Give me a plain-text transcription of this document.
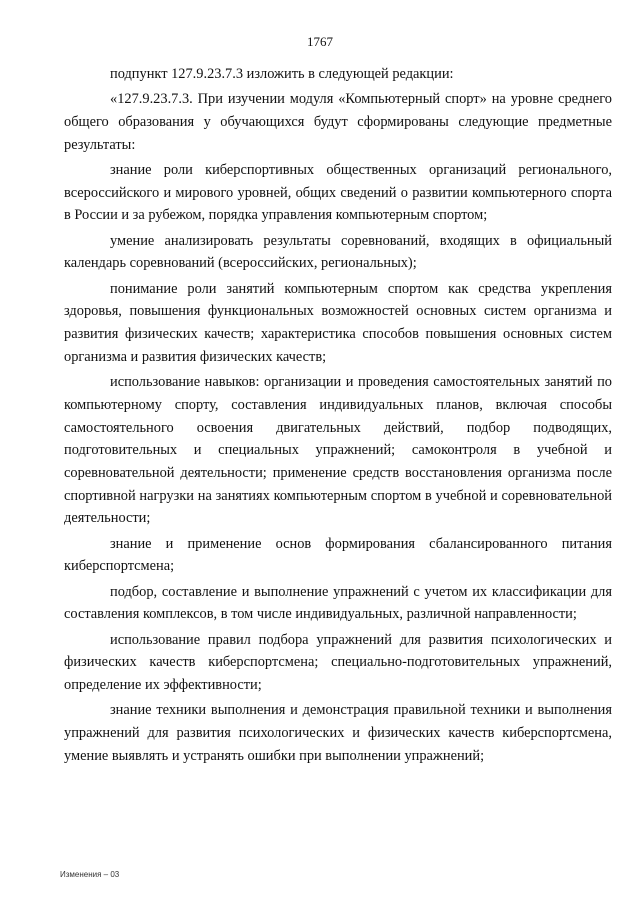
1767

подпункт 127.9.23.7.3 изложить в следующей редакции:

«127.9.23.7.3. При изучении модуля «Компьютерный спорт» на уровне среднего общего образования у обучающихся будут сформированы следующие предметные результаты:

знание роли киберспортивных общественных организаций регионального, всероссийского и мирового уровней, общих сведений о развитии компьютерного спорта в России и за рубежом, порядка управления компьютерным спортом;

умение анализировать результаты соревнований, входящих в официальный календарь соревнований (всероссийских, региональных);

понимание роли занятий компьютерным спортом как средства укрепления здоровья, повышения функциональных возможностей основных систем организма и развития физических качеств; характеристика способов повышения основных систем организма и развития физических качеств;

использование навыков: организации и проведения самостоятельных занятий по компьютерному спорту, составления индивидуальных планов, включая способы самостоятельного освоения двигательных действий, подбор подводящих, подготовительных и специальных упражнений; самоконтроля в учебной и соревновательной деятельности; применение средств восстановления организма после спортивной нагрузки на занятиях компьютерным спортом в учебной и соревновательной деятельности;

знание и применение основ формирования сбалансированного питания киберспортсмена;

подбор, составление и выполнение упражнений с учетом их классификации для составления комплексов, в том числе индивидуальных, различной направленности;

использование правил подбора упражнений для развития психологических и физических качеств киберспортсмена; специально-подготовительных упражнений, определение их эффективности;

знание техники выполнения и демонстрация правильной техники и выполнения упражнений для развития психологических и физических качеств киберспортсмена, умение выявлять и устранять ошибки при выполнении упражнений;

Изменения – 03
